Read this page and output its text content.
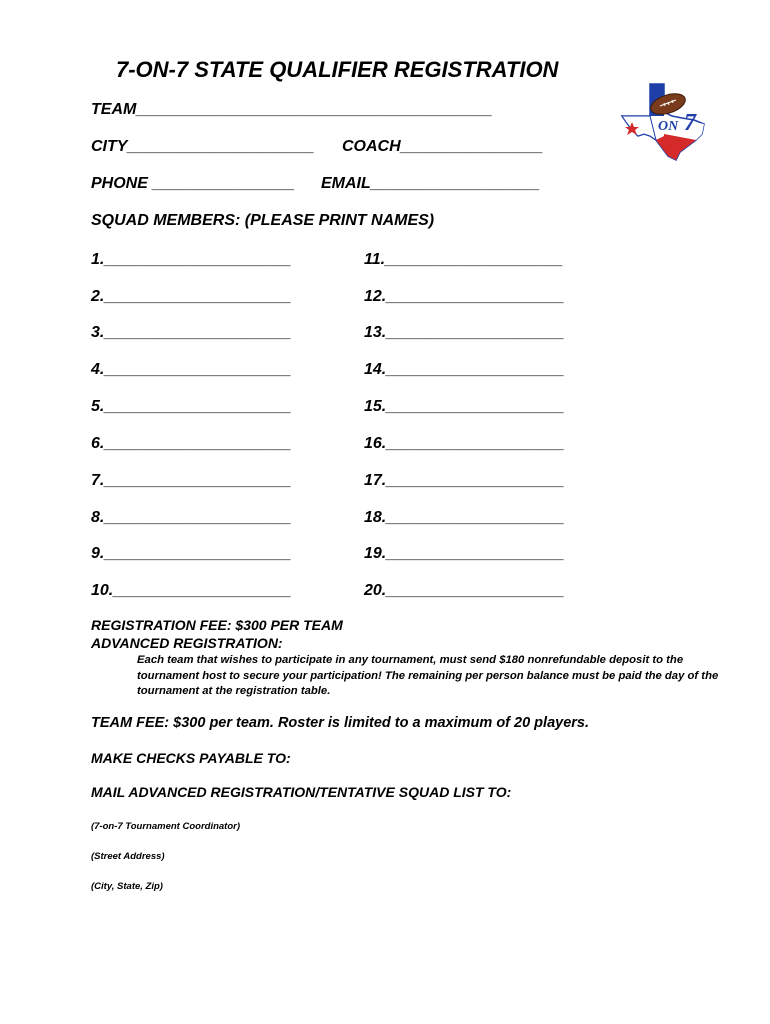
7-ON-7 STATE QUALIFIER REGISTRATION
TEAM________________________________________
CITY_____________________ COACH________________
PHONE ________________ EMAIL___________________
SQUAD MEMBERS: (PLEASE PRINT NAMES)
1._____________________
2._____________________
3._____________________
4._____________________
5._____________________
6._____________________
7._____________________
8._____________________
9._____________________
10.____________________
11.____________________
12.____________________
13.____________________
14.____________________
15.____________________
16.____________________
17.____________________
18.____________________
19.____________________
20.____________________
REGISTRATION FEE: $300 PER TEAM
ADVANCED REGISTRATION:
Each team that wishes to participate in any tournament, must send $180 nonrefundable deposit to the tournament host to secure your participation! The remaining per person balance must be paid the day of the tournament at the registration table.
TEAM FEE: $300 per team. Roster is limited to a maximum of 20 players.
MAKE CHECKS PAYABLE TO:
MAIL ADVANCED REGISTRATION/TENTATIVE SQUAD LIST TO:
(7-on-7 Tournament Coordinator)
(Street Address)
(City, State, Zip)
7
ON 7
